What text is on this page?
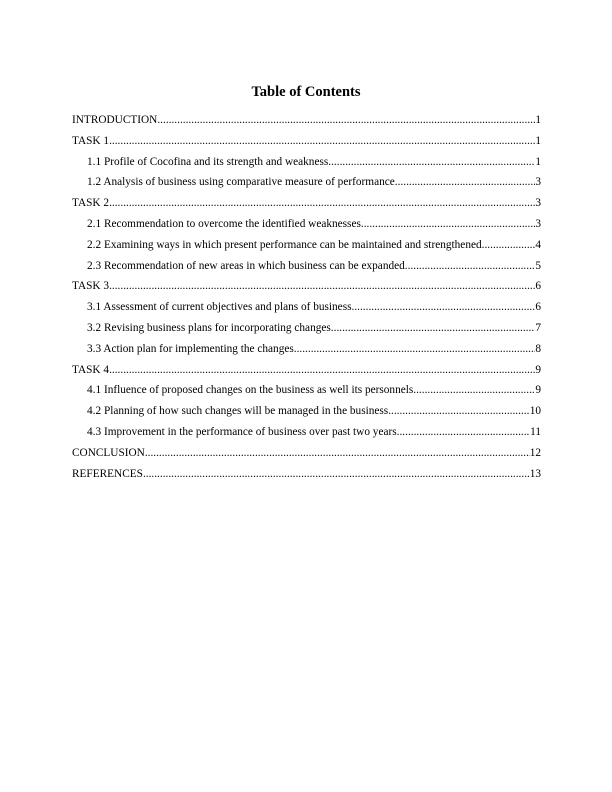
Table of Contents
INTRODUCTION .....	1
TASK 1 .....	1
1.1 Profile of Cocofina and its strength and weakness .....	1
1.2 Analysis of business using comparative measure of performance .....	3
TASK 2 .....	3
2.1 Recommendation to overcome the identified weaknesses .....	3
2.2 Examining ways in which present performance can be maintained and strengthened .....	4
2.3 Recommendation of new areas in which business can be expanded .....	5
TASK 3 .....	6
3.1 Assessment of current objectives and plans of business .....	6
3.2 Revising business plans for incorporating changes .....	7
3.3 Action plan for implementing the changes .....	8
TASK 4 .....	9
4.1 Influence of proposed changes on the business as well its personnels .....	9
4.2 Planning of how such changes will be managed in the business .....	10
4.3 Improvement in the performance of business over past two years .....	11
CONCLUSION .....	12
REFERENCES .....	13
